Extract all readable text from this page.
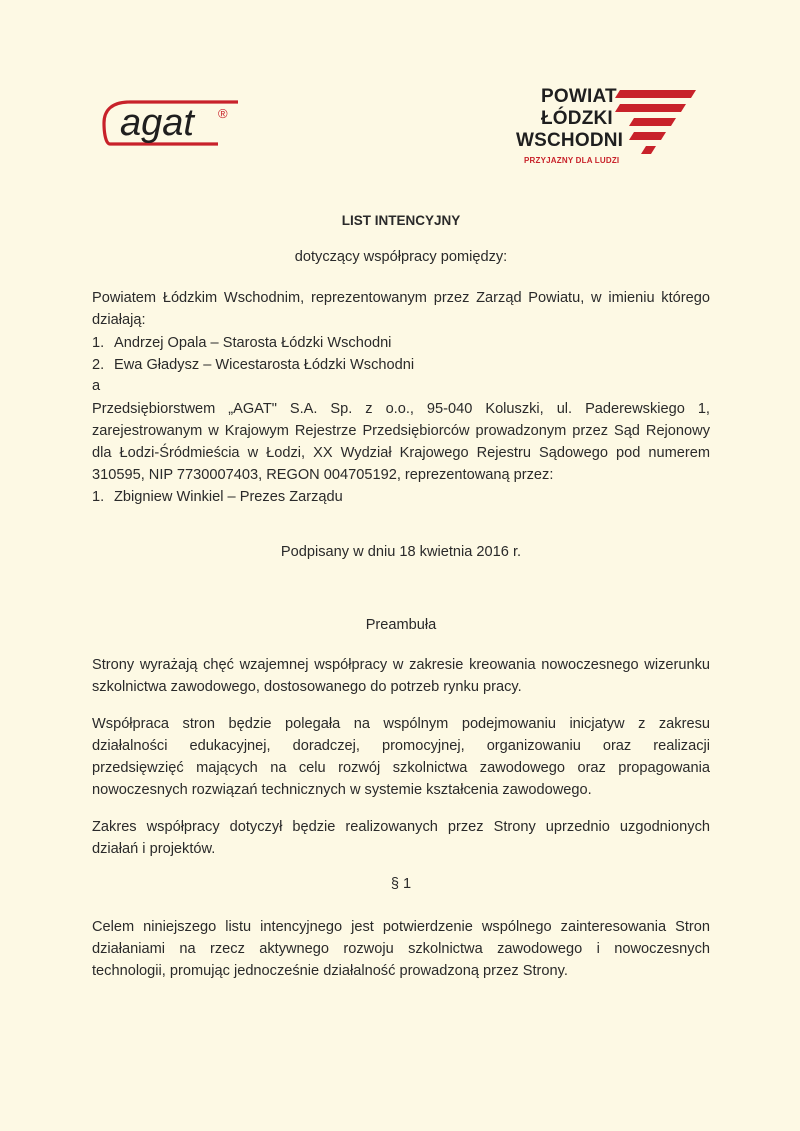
agat ®
POWIAT
ŁÓDZKI
WSCHODNI
PRZYJAZNY DLA LUDZI
LIST INTENCYJNY
dotyczący współpracy pomiędzy:
Powiatem Łódzkim Wschodnim, reprezentowanym przez Zarząd Powiatu, w imieniu którego
działają:
1. Andrzej Opala – Starosta Łódzki Wschodni
2. Ewa Gładysz – Wicestarosta Łódzki Wschodni
a
Przedsiębiorstwem „AGAT" S.A. Sp. z o.o., 95-040 Koluszki, ul. Paderewskiego 1,
zarejestrowanym w Krajowym Rejestrze Przedsiębiorców prowadzonym przez Sąd Rejonowy
dla Łodzi-Śródmieścia w Łodzi, XX Wydział Krajowego Rejestru Sądowego pod numerem
310595, NIP 7730007403, REGON 004705192, reprezentowaną przez:
1. Zbigniew Winkiel – Prezes Zarządu
Podpisany w dniu 18 kwietnia 2016 r.
Preambuła
Strony wyrażają chęć wzajemnej współpracy w zakresie kreowania nowoczesnego wizerunku
szkolnictwa zawodowego, dostosowanego do potrzeb rynku pracy.
Współpraca stron będzie polegała na wspólnym podejmowaniu inicjatyw z zakresu
działalności edukacyjnej, doradczej, promocyjnej, organizowaniu oraz realizacji
przedsięwzięć mających na celu rozwój szkolnictwa zawodowego oraz propagowania
nowoczesnych rozwiązań technicznych w systemie kształcenia zawodowego.
Zakres współpracy dotyczył będzie realizowanych przez Strony uprzednio uzgodnionych
działań i projektów.
§ 1
Celem niniejszego listu intencyjnego jest potwierdzenie wspólnego zainteresowania Stron
działaniami na rzecz aktywnego rozwoju szkolnictwa zawodowego i nowoczesnych
technologii, promując jednocześnie działalność prowadzoną przez Strony.
